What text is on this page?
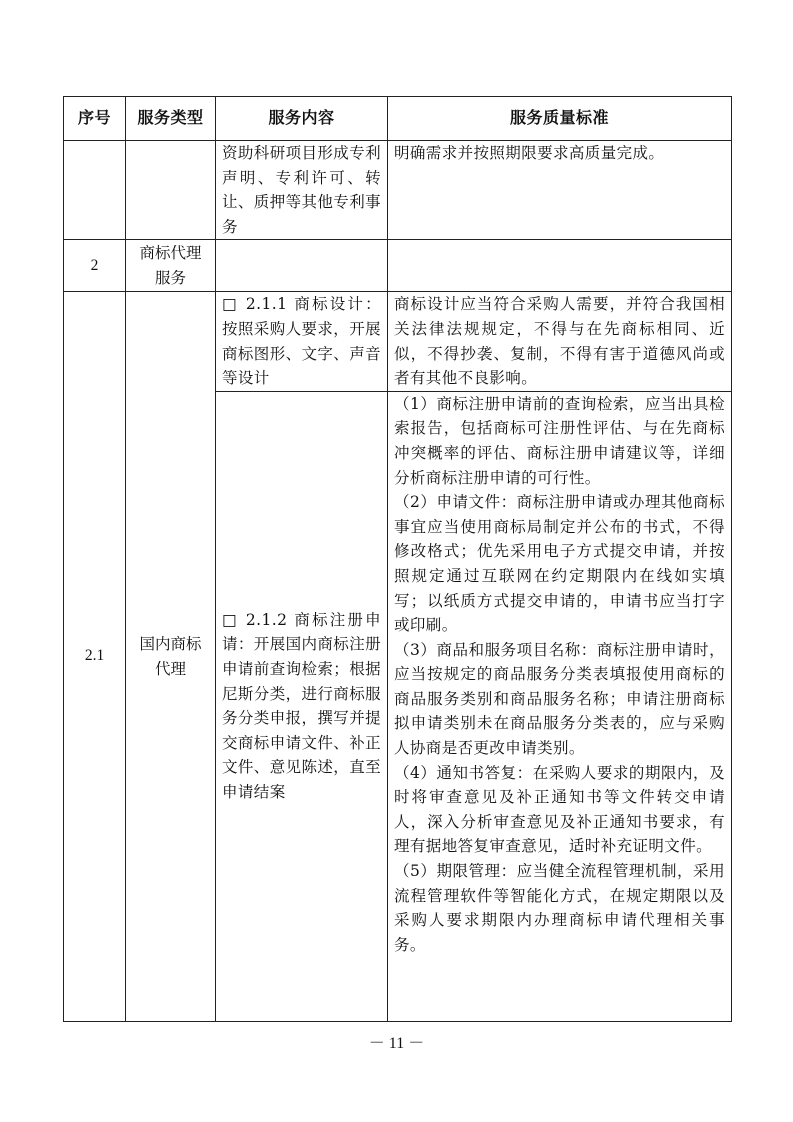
序号	服务类型	服务内容	服务质量标准
		资助科研项目形成专利声明、专利许可、转让、质押等其他专利事务	明确需求并按照期限要求高质量完成。
2	商标代理服务		
2.1	国内商标代理	□ 2.1.1 商标设计：按照采购人要求，开展商标图形、文字、声音等设计	商标设计应当符合采购人需要，并符合我国相关法律法规规定，不得与在先商标相同、近似，不得抄袭、复制，不得有害于道德风尚或者有其他不良影响。
		□ 2.1.2 商标注册申请：开展国内商标注册申请前查询检索；根据尼斯分类，进行商标服务分类申报，撰写并提交商标申请文件、补正文件、意见陈述，直至申请结案	（1）商标注册申请前的查询检索，应当出具检索报告，包括商标可注册性评估、与在先商标冲突概率的评估、商标注册申请建议等，详细分析商标注册申请的可行性。
（2）申请文件：商标注册申请或办理其他商标事宜应当使用商标局制定并公布的书式，不得修改格式；优先采用电子方式提交申请，并按照规定通过互联网在约定期限内在线如实填写；以纸质方式提交申请的，申请书应当打字或印刷。
（3）商品和服务项目名称：商标注册申请时，应当按规定的商品服务分类表填报使用商标的商品服务类别和商品服务名称；申请注册商标拟申请类别未在商品服务分类表的，应与采购人协商是否更改申请类别。
（4）通知书答复：在采购人要求的期限内，及时将审查意见及补正通知书等文件转交申请人，深入分析审查意见及补正通知书要求，有理有据地答复审查意见，适时补充证明文件。
（5）期限管理：应当健全流程管理机制，采用流程管理软件等智能化方式，在规定期限以及采购人要求期限内办理商标申请代理相关事务。
－ 11 －
